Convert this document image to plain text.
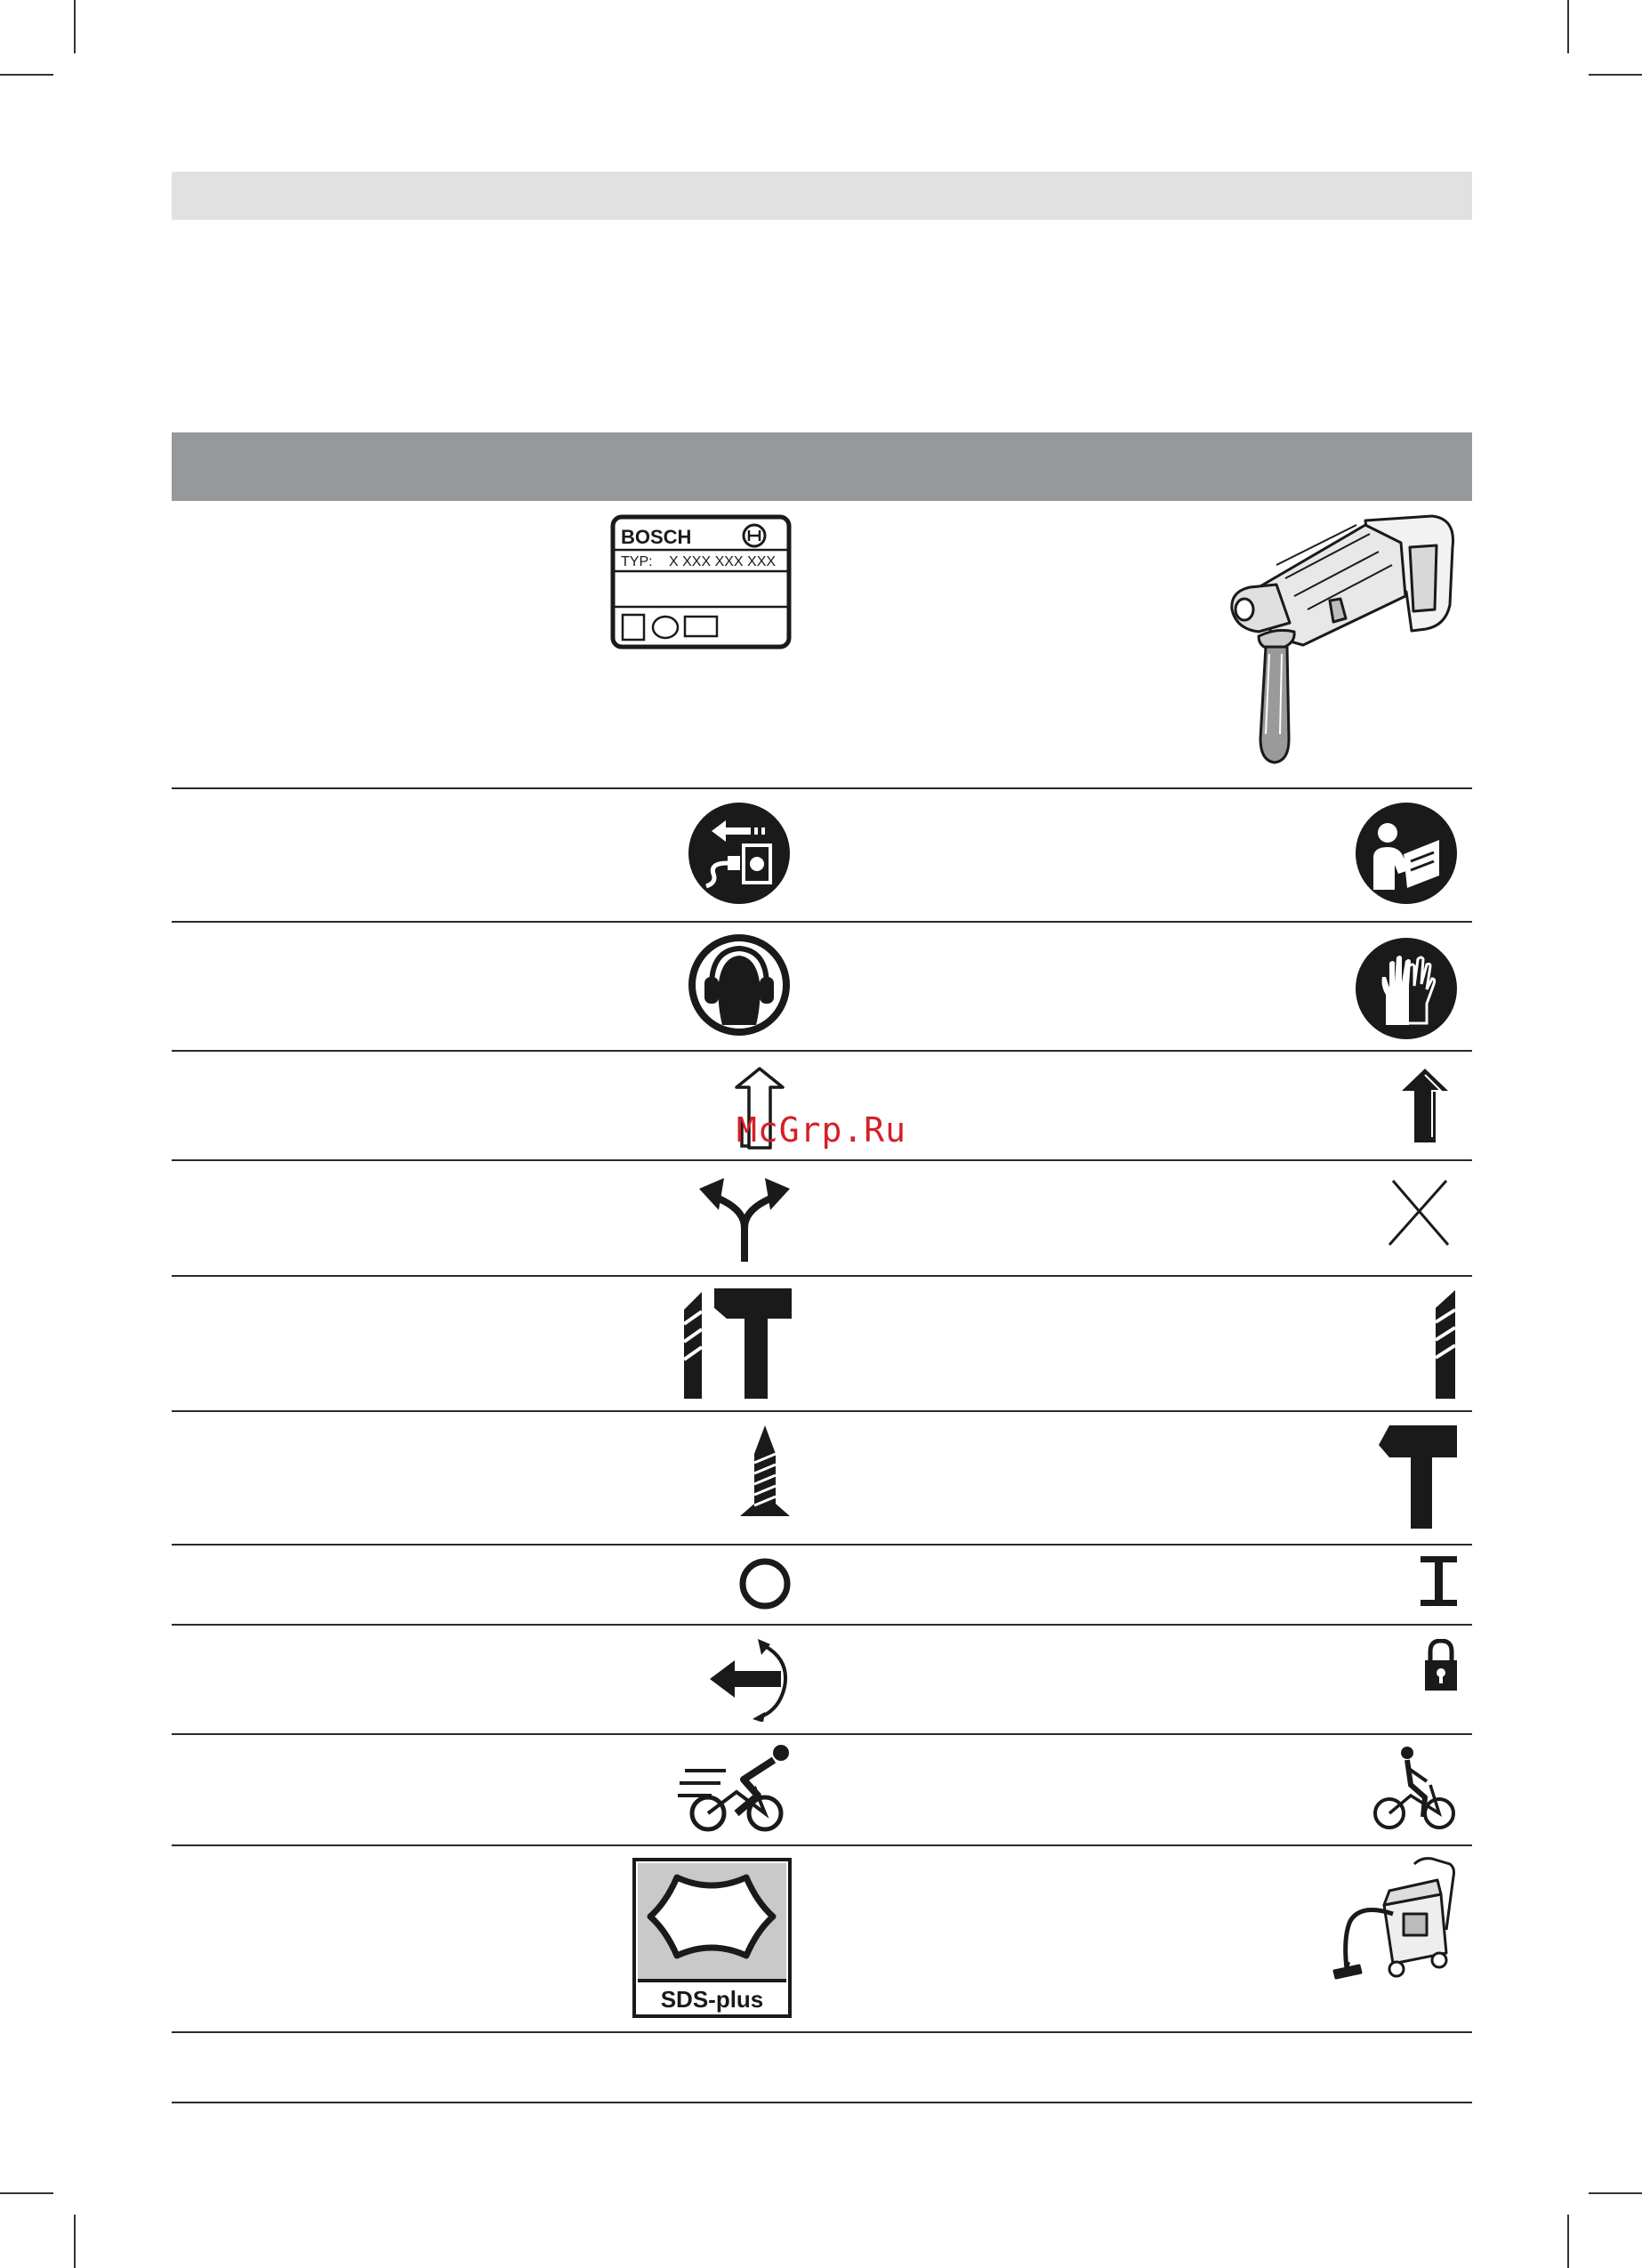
BOSCH
TYP: X XXX XXX XXX
McGrp.Ru
SDS-plus
